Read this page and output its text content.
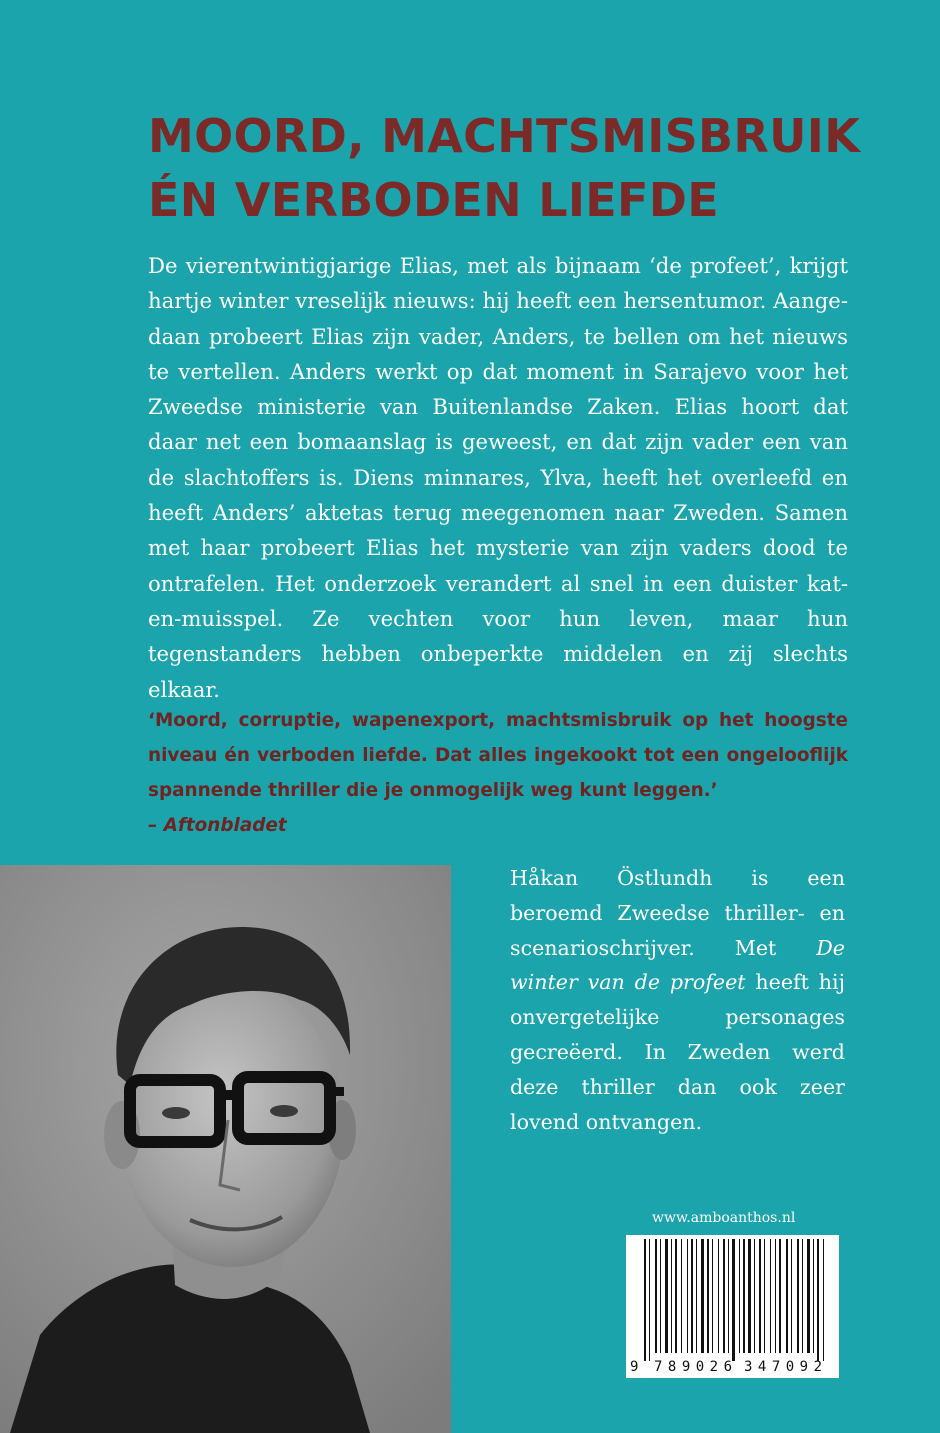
MOORD, MACHTSMISBRUIK
ÉN VERBODEN LIEFDE

De vierentwintigjarige Elias, met als bijnaam ‘de profeet’, krijgt hartje winter vreselijk nieuws: hij heeft een hersentumor. Aangedaan probeert Elias zijn vader, Anders, te bellen om het nieuws te vertellen. Anders werkt op dat moment in Sarajevo voor het Zweedse ministerie van Buitenlandse Zaken. Elias hoort dat daar net een bomaanslag is geweest, en dat zijn vader een van de slachtoffers is. Diens minnares, Ylva, heeft het overleefd en heeft Anders’ aktetas terug meegenomen naar Zweden. Samen met haar probeert Elias het mysterie van zijn vaders dood te ontrafelen. Het onderzoek verandert al snel in een duister kat-en-muisspel. Ze vechten voor hun leven, maar hun tegenstanders hebben onbeperkte middelen en zij slechts elkaar.

‘Moord, corruptie, wapenexport, machtsmisbruik op het hoogste niveau én verboden liefde. Dat alles ingekookt tot een ongelooflijk spannende thriller die je onmogelijk weg kunt leggen.’
– Aftonbladet

Håkan Östlundh is een beroemd Zweedse thriller- en scenarioschrijver. Met De winter van de profeet heeft hij onvergetelijke personages gecreëerd. In Zweden werd deze thriller dan ook zeer lovend ontvangen.

www.amboanthos.nl
9 789026 347092
